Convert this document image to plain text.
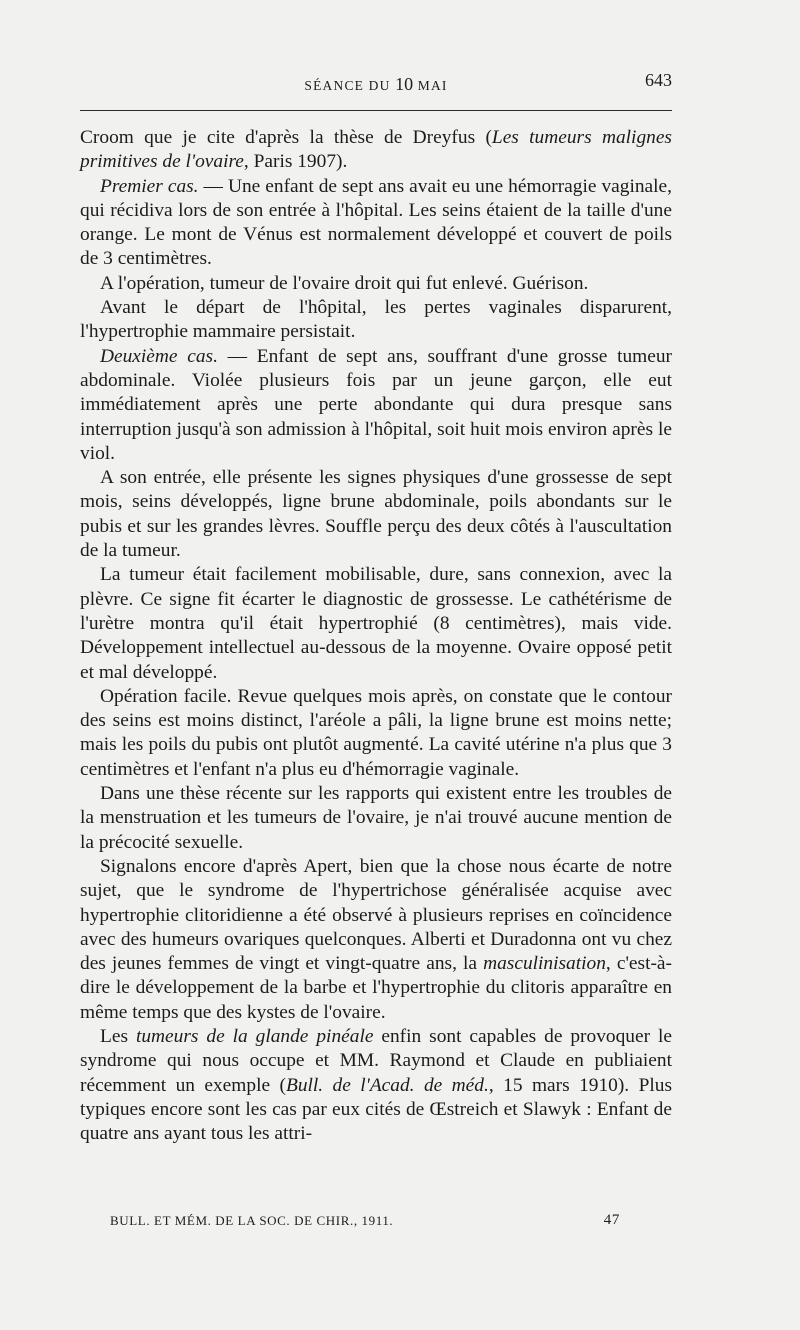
SÉANCE DU 10 MAI	643

Croom que je cite d'après la thèse de Dreyfus (Les tumeurs malignes primitives de l'ovaire, Paris 1907).

Premier cas. — Une enfant de sept ans avait eu une hémorragie vaginale, qui récidiva lors de son entrée à l'hôpital. Les seins étaient de la taille d'une orange. Le mont de Vénus est normalement développé et couvert de poils de 3 centimètres.

A l'opération, tumeur de l'ovaire droit qui fut enlevé. Guérison.

Avant le départ de l'hôpital, les pertes vaginales disparurent, l'hypertrophie mammaire persistait.

Deuxième cas. — Enfant de sept ans, souffrant d'une grosse tumeur abdominale. Violée plusieurs fois par un jeune garçon, elle eut immédiatement après une perte abondante qui dura presque sans interruption jusqu'à son admission à l'hôpital, soit huit mois environ après le viol.

A son entrée, elle présente les signes physiques d'une grossesse de sept mois, seins développés, ligne brune abdominale, poils abondants sur le pubis et sur les grandes lèvres. Souffle perçu des deux côtés à l'auscultation de la tumeur.

La tumeur était facilement mobilisable, dure, sans connexion, avec la plèvre. Ce signe fit écarter le diagnostic de grossesse. Le cathétérisme de l'urètre montra qu'il était hypertrophié (8 centimètres), mais vide. Développement intellectuel au-dessous de la moyenne. Ovaire opposé petit et mal développé.

Opération facile. Revue quelques mois après, on constate que le contour des seins est moins distinct, l'aréole a pâli, la ligne brune est moins nette; mais les poils du pubis ont plutôt augmenté. La cavité utérine n'a plus que 3 centimètres et l'enfant n'a plus eu d'hémorragie vaginale.

Dans une thèse récente sur les rapports qui existent entre les troubles de la menstruation et les tumeurs de l'ovaire, je n'ai trouvé aucune mention de la précocité sexuelle.

Signalons encore d'après Apert, bien que la chose nous écarte de notre sujet, que le syndrome de l'hypertrichose généralisée acquise avec hypertrophie clitoridienne a été observé à plusieurs reprises en coïncidence avec des humeurs ovariques quelconques. Alberti et Duradonna ont vu chez des jeunes femmes de vingt et vingt-quatre ans, la masculinisation, c'est-à-dire le développement de la barbe et l'hypertrophie du clitoris apparaître en même temps que des kystes de l'ovaire.

Les tumeurs de la glande pinéale enfin sont capables de provoquer le syndrome qui nous occupe et MM. Raymond et Claude en publiaient récemment un exemple (Bull. de l'Acad. de méd., 15 mars 1910). Plus typiques encore sont les cas par eux cités de Œstreich et Slawyk : Enfant de quatre ans ayant tous les attri-

BULL. ET MÉM. DE LA SOC. DE CHIR., 1911.	47
